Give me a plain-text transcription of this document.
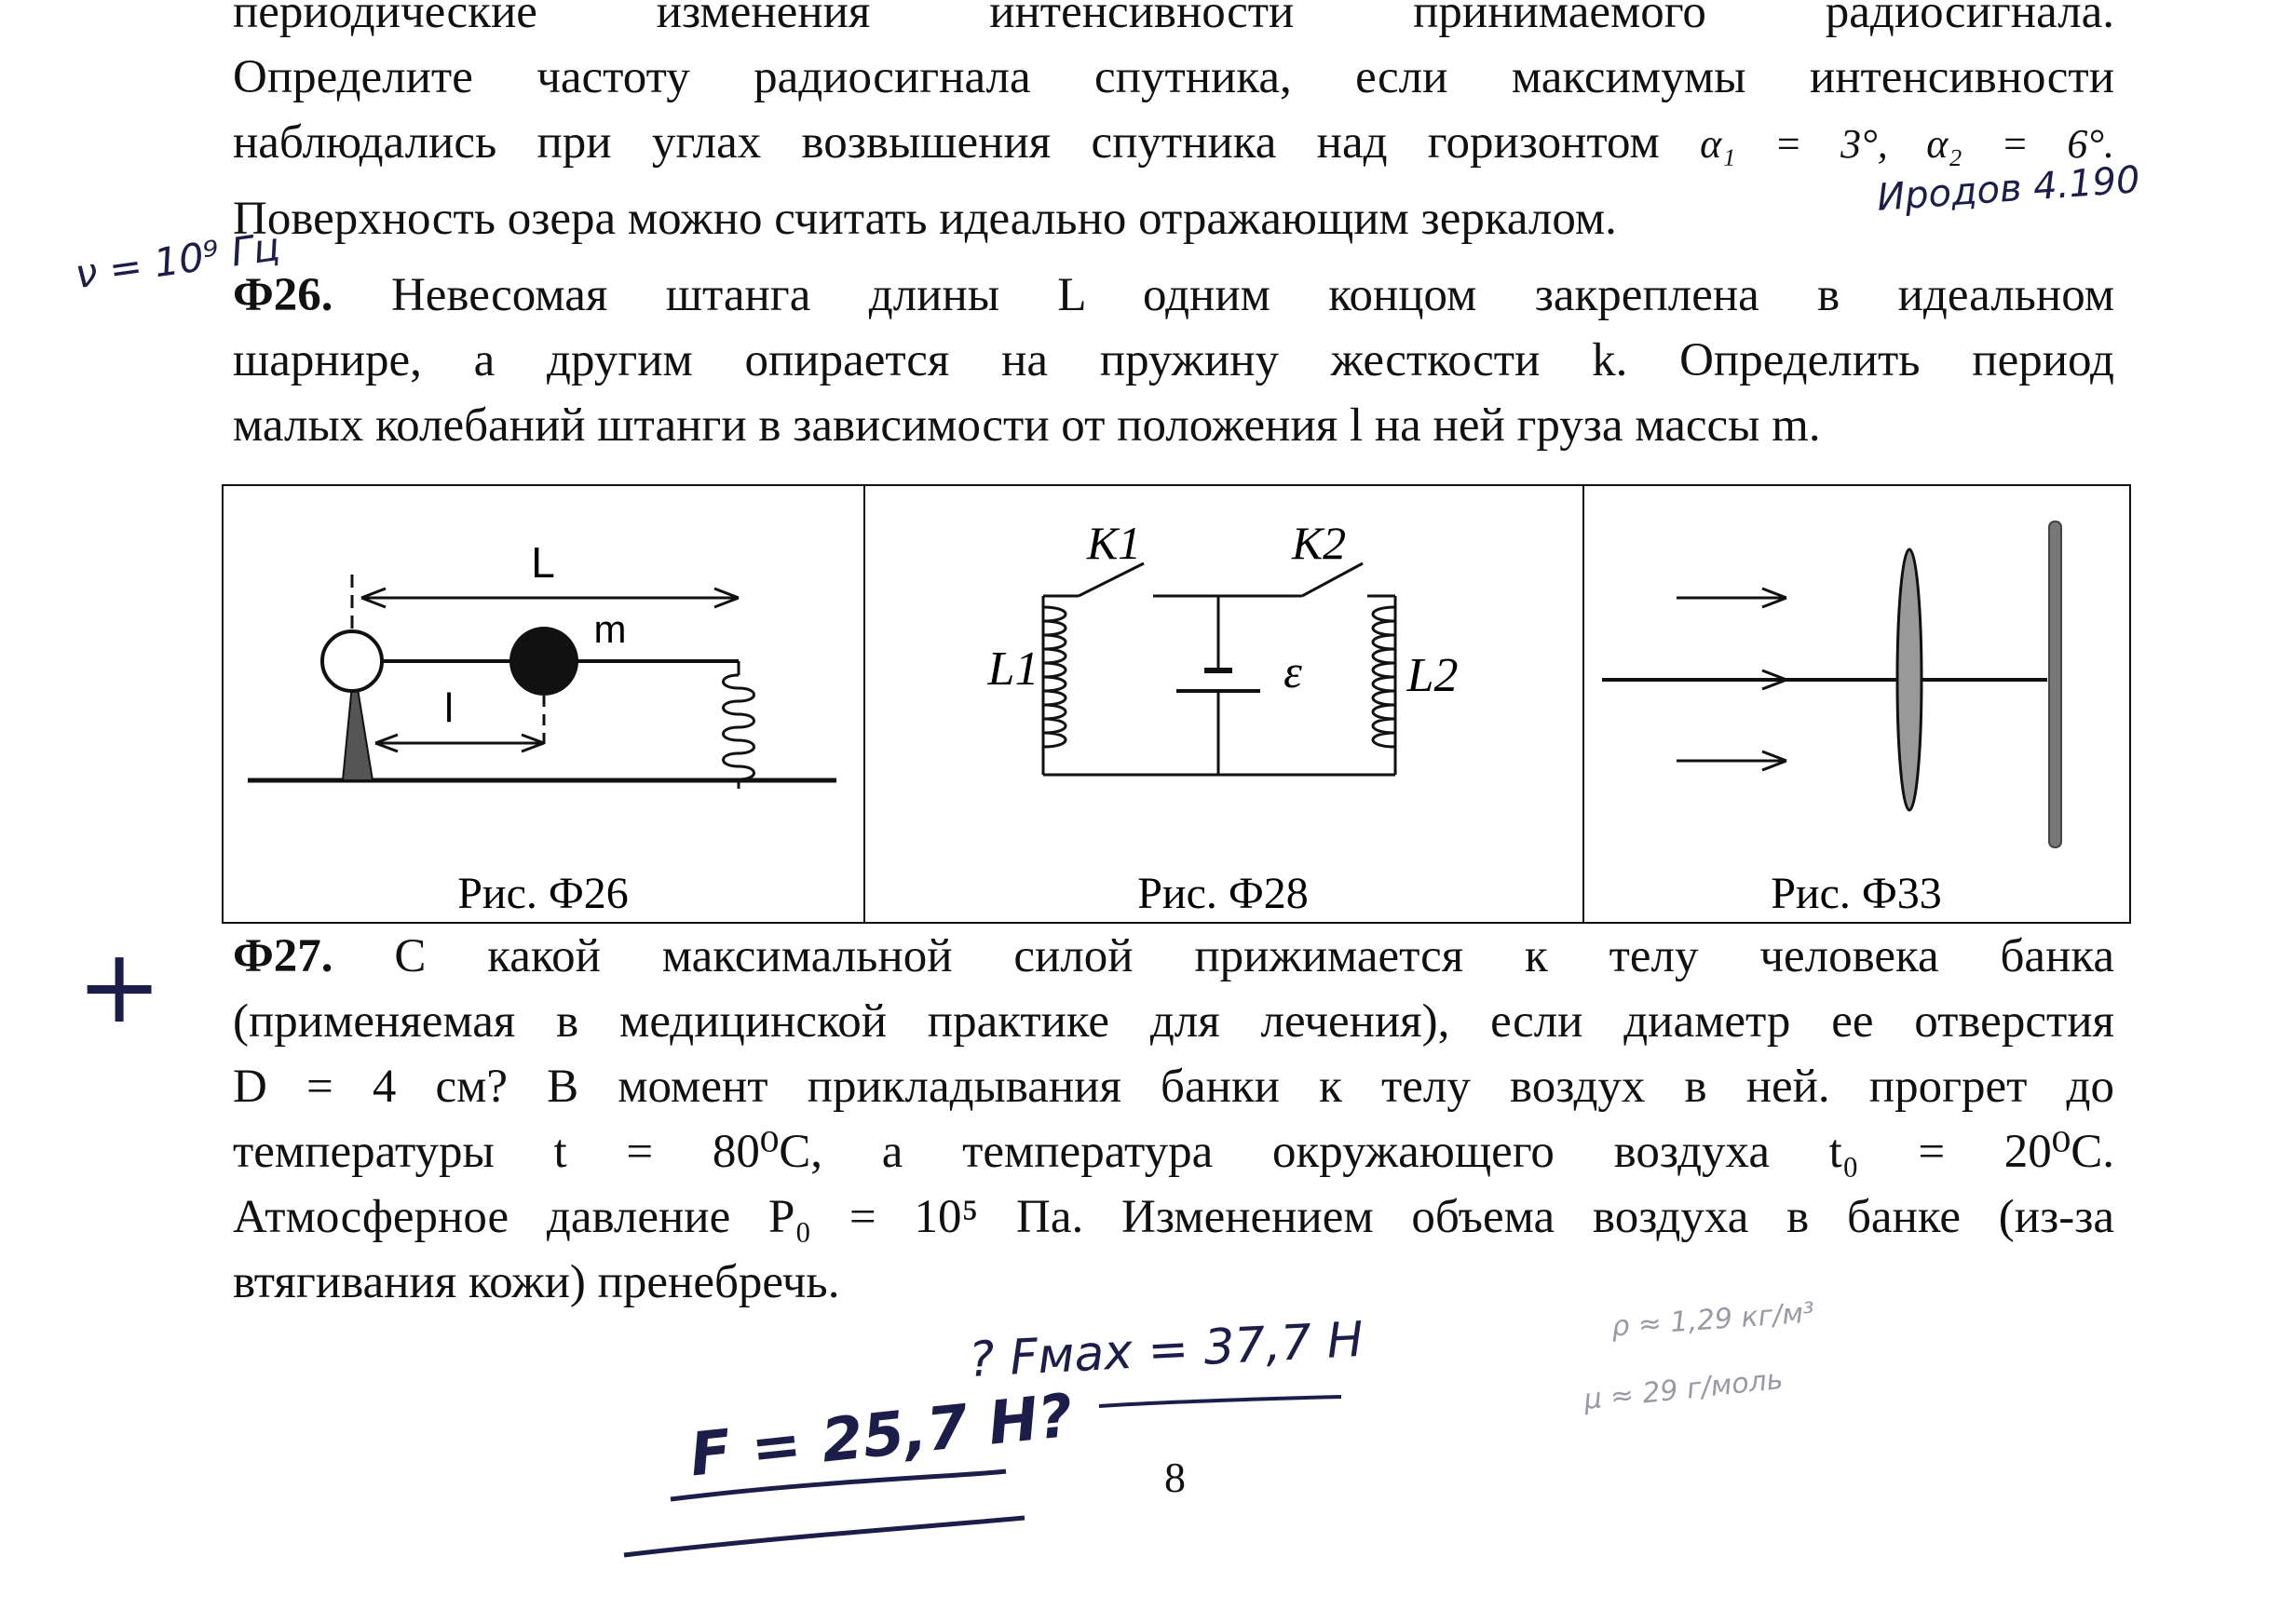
периодические изменения интенсивности принимаемого радиосигнала.
Определите частоту радиосигнала спутника, если максимумы интенсивности
наблюдались при углах возвышения спутника над горизонтом α₁ = 3°, α₂ = 6°.
Поверхность озера можно считать идеально отражающим зеркалом.
Ф26. Невесомая штанга длины L одним концом закреплена в идеальном
шарнире, а другим опирается на пружину жесткости k. Определить период
малых колебаний штанги в зависимости от положения l на ней груза массы m.
L
m
l
Рис. Ф26
K1	K2
L1	L2
ε
Рис. Ф28	Рис. Ф33
Ф27. С какой максимальной силой прижимается к телу человека банка
(применяемая в медицинской практике для лечения), если диаметр ее отверстия
D = 4 см? В момент прикладывания банки к телу воздух в ней. прогрет до
температуры t = 80⁰C, а температура окружающего воздуха t₀ = 20⁰C.
Атмосферное давление P₀ = 10⁵ Па. Изменением объема воздуха в банке (из-за
втягивания кожи) пренебречь.
Иродов 4.190
ν = 10⁹ Гц
+
? Fмах = 37,7 Н
F = 25,7 Н?
ρ ≈ 1,29 кг/м³
μ ≈ 29 г/моль
8
